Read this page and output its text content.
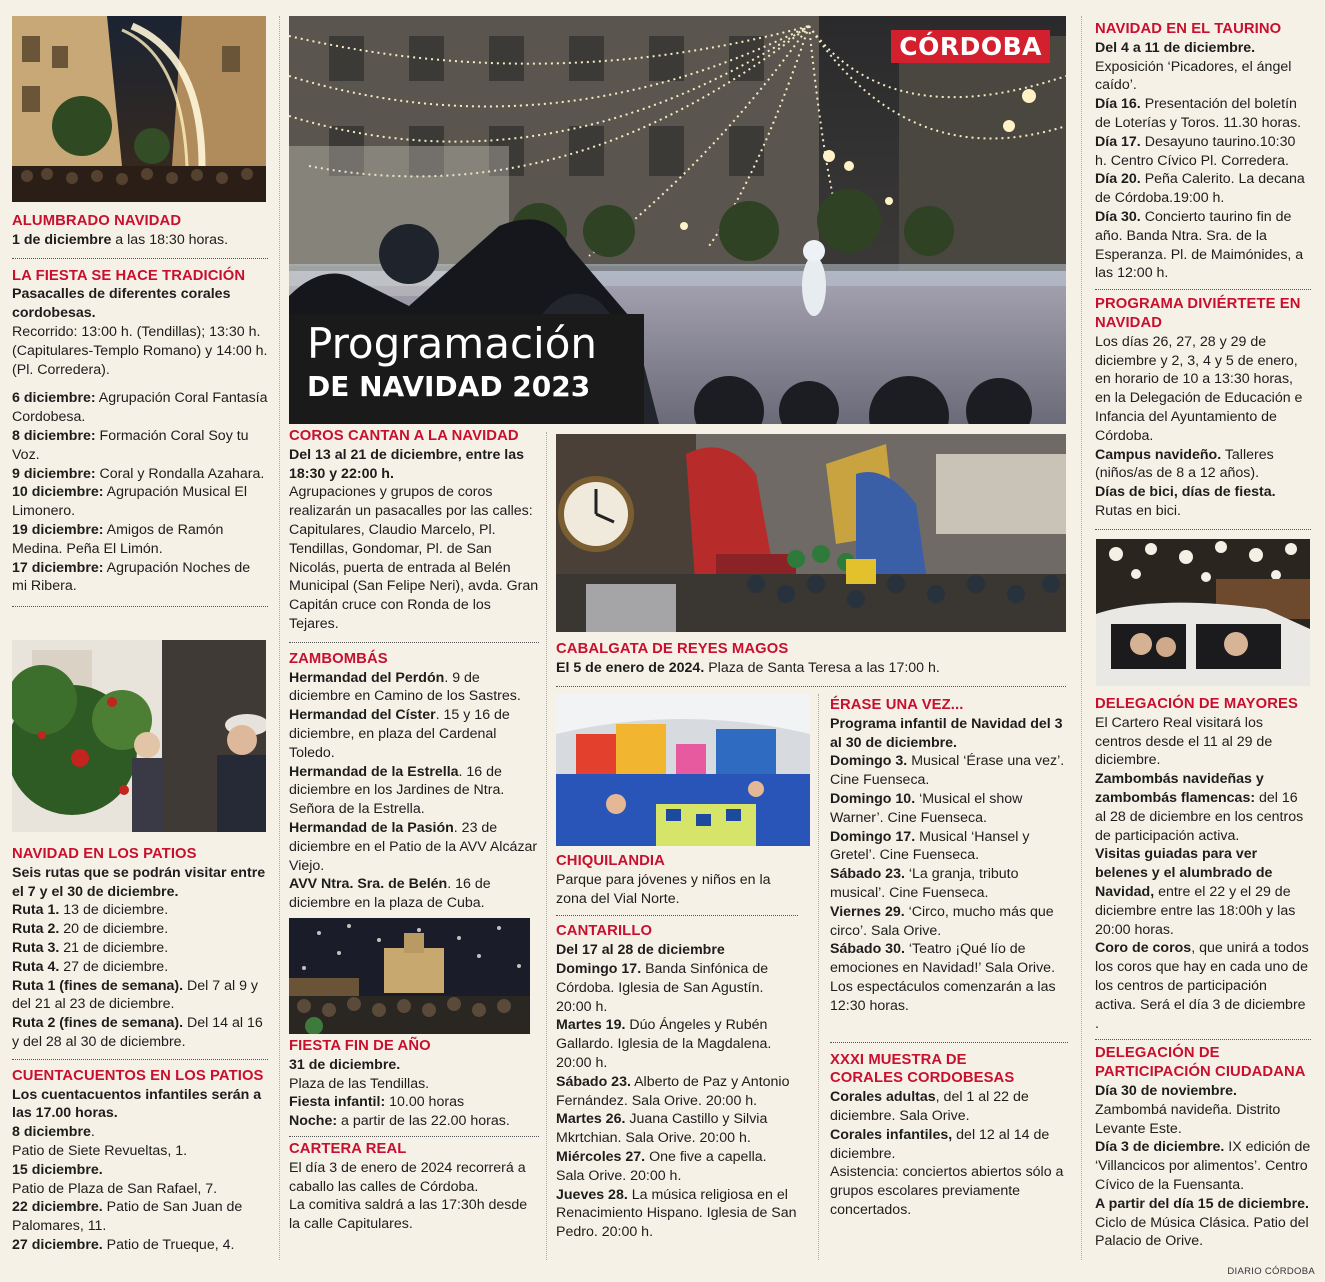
ALUMBRADO NAVIDAD

1 de diciembre a las 18:30 horas.

LA FIESTA SE HACE TRADICIÓN

Pasacalles de diferentes corales cordobesas.

Recorrido: 13:00 h. (Tendillas); 13:30 h. (Capitulares-Templo Romano) y 14:00 h. (Pl. Corredera).

6 diciembre: Agrupación Coral Fantasía Cordobesa.

8 diciembre: Formación Coral Soy tu Voz.

9 diciembre: Coral y Rondalla Azahara.

10 diciembre: Agrupación Musical El Limonero.

19 diciembre: Amigos de Ramón Medina. Peña El Limón.

17 diciembre: Agrupación Noches de mi Ribera.

NAVIDAD EN LOS PATIOS

Seis rutas que se podrán visitar entre el 7 y el 30 de diciembre.

Ruta 1. 13 de diciembre.

Ruta 2. 20 de diciembre.

Ruta 3. 21 de diciembre.

Ruta 4. 27 de diciembre.

Ruta 1 (fines de semana). Del 7 al 9 y del 21 al 23 de diciembre.

Ruta 2 (fines de semana). Del 14 al 16 y del 28 al 30 de diciembre.

CUENTACUENTOS EN LOS PATIOS

Los cuentacuentos infantiles serán a las 17.00 horas.

8 diciembre.

Patio de Siete Revueltas, 1.

15 diciembre.

Patio de Plaza de San Rafael, 7.

22 diciembre. Patio de San Juan de Palomares, 11.

27 diciembre. Patio de Trueque, 4.

CÓRDOBA
Programación
DE NAVIDAD 2023
COROS CANTAN A LA NAVIDAD

Del 13 al 21 de diciembre, entre las 18:30 y 22:00 h.

Agrupaciones y grupos de coros realizarán un pasacalles por las calles: Capitulares, Claudio Marcelo, Pl. Tendillas, Gondomar, Pl. de San Nicolás, puerta de entrada al Belén Municipal (San Felipe Neri), avda. Gran Capitán cruce con Ronda de los Tejares.

ZAMBOMBÁS

Hermandad del Perdón. 9 de diciembre en Camino de los Sastres.

Hermandad del Císter. 15 y 16 de diciembre, en plaza del Cardenal Toledo.

Hermandad de la Estrella. 16 de diciembre en los Jardines de Ntra. Señora de la Estrella.

Hermandad de la Pasión. 23 de diciembre en el Patio de la AVV Alcázar Viejo.

AVV Ntra. Sra. de Belén. 16 de diciembre en la plaza de Cuba.

FIESTA FIN DE AÑO

31 de diciembre.

Plaza de las Tendillas.

Fiesta infantil: 10.00 horas

Noche: a partir de las 22.00 horas.

CARTERA REAL

El día 3 de enero de 2024 recorrerá a caballo las calles de Córdoba.

La comitiva saldrá a las 17:30h desde la calle Capitulares.

CABALGATA DE REYES MAGOS

El 5 de enero de 2024. Plaza de Santa Teresa a las 17:00 h.

CHIQUILANDIA

Parque para jóvenes y niños en la zona del Vial Norte.

CANTARILLO

Del 17 al 28 de diciembre

Domingo 17. Banda Sinfónica de Córdoba. Iglesia de San Agustín. 20:00 h.

Martes 19. Dúo Ángeles y Rubén Gallardo. Iglesia de la Magdalena. 20:00 h.

Sábado 23. Alberto de Paz y Antonio Fernández. Sala Orive. 20:00 h.

Martes 26. Juana Castillo y Silvia Mkrtchian. Sala Orive. 20:00 h.

Miércoles 27. One five a capella. Sala Orive. 20:00 h.

Jueves 28. La música religiosa en el Renacimiento Hispano. Iglesia de San Pedro. 20:00 h.

ÉRASE UNA VEZ...

Programa infantil de Navidad del 3 al 30 de diciembre.

Domingo 3. Musical ‘Érase una vez’. Cine Fuenseca.

Domingo 10. ‘Musical el show Warner’. Cine Fuenseca.

Domingo 17. Musical ‘Hansel y Gretel’. Cine Fuenseca.

Sábado 23. ‘La granja, tributo musical’. Cine Fuenseca.

Viernes 29. ‘Circo, mucho más que circo’. Sala Orive.

Sábado 30. ‘Teatro ¡Qué lío de emociones en Navidad!’ Sala Orive.

Los espectáculos comenzarán a las 12:30 horas.

XXXI MUESTRA DE CORALES CORDOBESAS

Corales adultas, del 1 al 22 de diciembre. Sala Orive.

Corales infantiles, del 12 al 14 de diciembre.

Asistencia: conciertos abiertos sólo a grupos escolares previamente concertados.

NAVIDAD EN EL TAURINO

Del 4 a 11 de diciembre.

Exposición ‘Picadores, el ángel caído’.

Día 16. Presentación del boletín de Loterías y Toros. 11.30 horas.

Día 17. Desayuno taurino.10:30 h. Centro Cívico Pl. Corredera.

Día 20. Peña Calerito. La decana de Córdoba.19:00 h.

Día 30. Concierto taurino fin de año. Banda Ntra. Sra. de la Esperanza. Pl. de Maimónides, a las 12:00 h.

PROGRAMA DIVIÉRTETE EN NAVIDAD

Los días 26, 27, 28 y 29 de diciembre y 2, 3, 4 y 5 de enero, en horario de 10 a 13:30 horas, en la Delegación de Educación e Infancia del Ayuntamiento de Córdoba.

Campus navideño. Talleres (niños/as de 8 a 12 años).

Días de bici, días de fiesta.

Rutas en bici.

DELEGACIÓN DE MAYORES

El Cartero Real visitará los centros desde el 11 al 29 de diciembre.

Zambombás navideñas y zambombás flamencas: del 16 al 28 de diciembre en los centros de participación activa.

Visitas guiadas para ver belenes y el alumbrado de Navidad, entre el 22 y el 29 de diciembre entre las 18:00h y las 20:00 horas.

Coro de coros, que unirá a todos los coros que hay en cada uno de los centros de participación activa. Será el día 3 de diciembre .

DELEGACIÓN DE PARTICIPACIÓN CIUDADANA

Día 30 de noviembre.

Zambombá navideña. Distrito Levante Este.

Día 3 de diciembre. IX edición de ‘Villancicos por alimentos’. Centro Cívico de la Fuensanta.

A partir del día 15 de diciembre.

Ciclo de Música Clásica. Patio del Palacio de Orive.

DIARIO CÓRDOBA
